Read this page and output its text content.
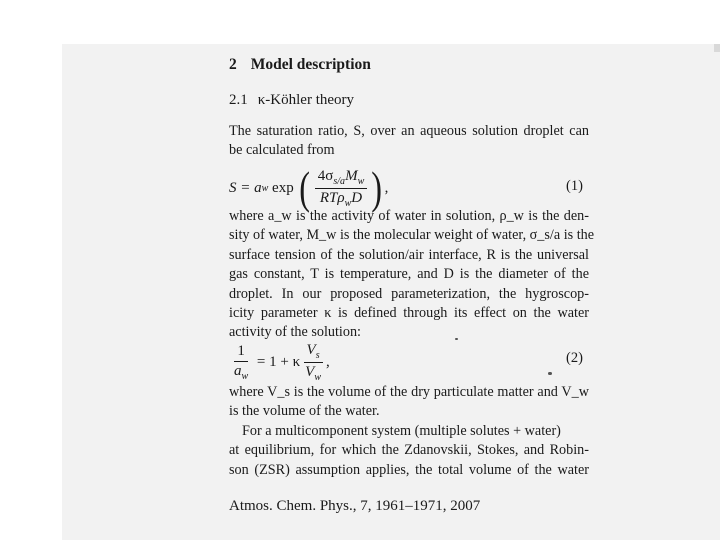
2 Model description
2.1 κ-Köhler theory
The saturation ratio, S, over an aqueous solution droplet can
be calculated from
S = a w exp ( $\frac{4\sigma_{s/a}M_w}{RT\rho_wD}$ ) ,	(1)
where a_w is the activity of water in solution, ρ_w is the den-
sity of water, M_w is the molecular weight of water, σ_s/a is the
surface tension of the solution/air interface, R is the universal
gas constant, T is temperature, and D is the diameter of the
droplet. In our proposed parameterization, the hygroscop-
icity parameter κ is defined through its effect on the water
activity of the solution:
$\frac{1}{a_w} = 1 + \kappa \frac{V_s}{V_w}$ ,	(2)
where V_s is the volume of the dry particulate matter and V_w
is the volume of the water.
For a multicomponent system (multiple solutes + water)
at equilibrium, for which the Zdanovskii, Stokes, and Robin-
son (ZSR) assumption applies, the total volume of the water
Atmos. Chem. Phys., 7, 1961–1971, 2007
